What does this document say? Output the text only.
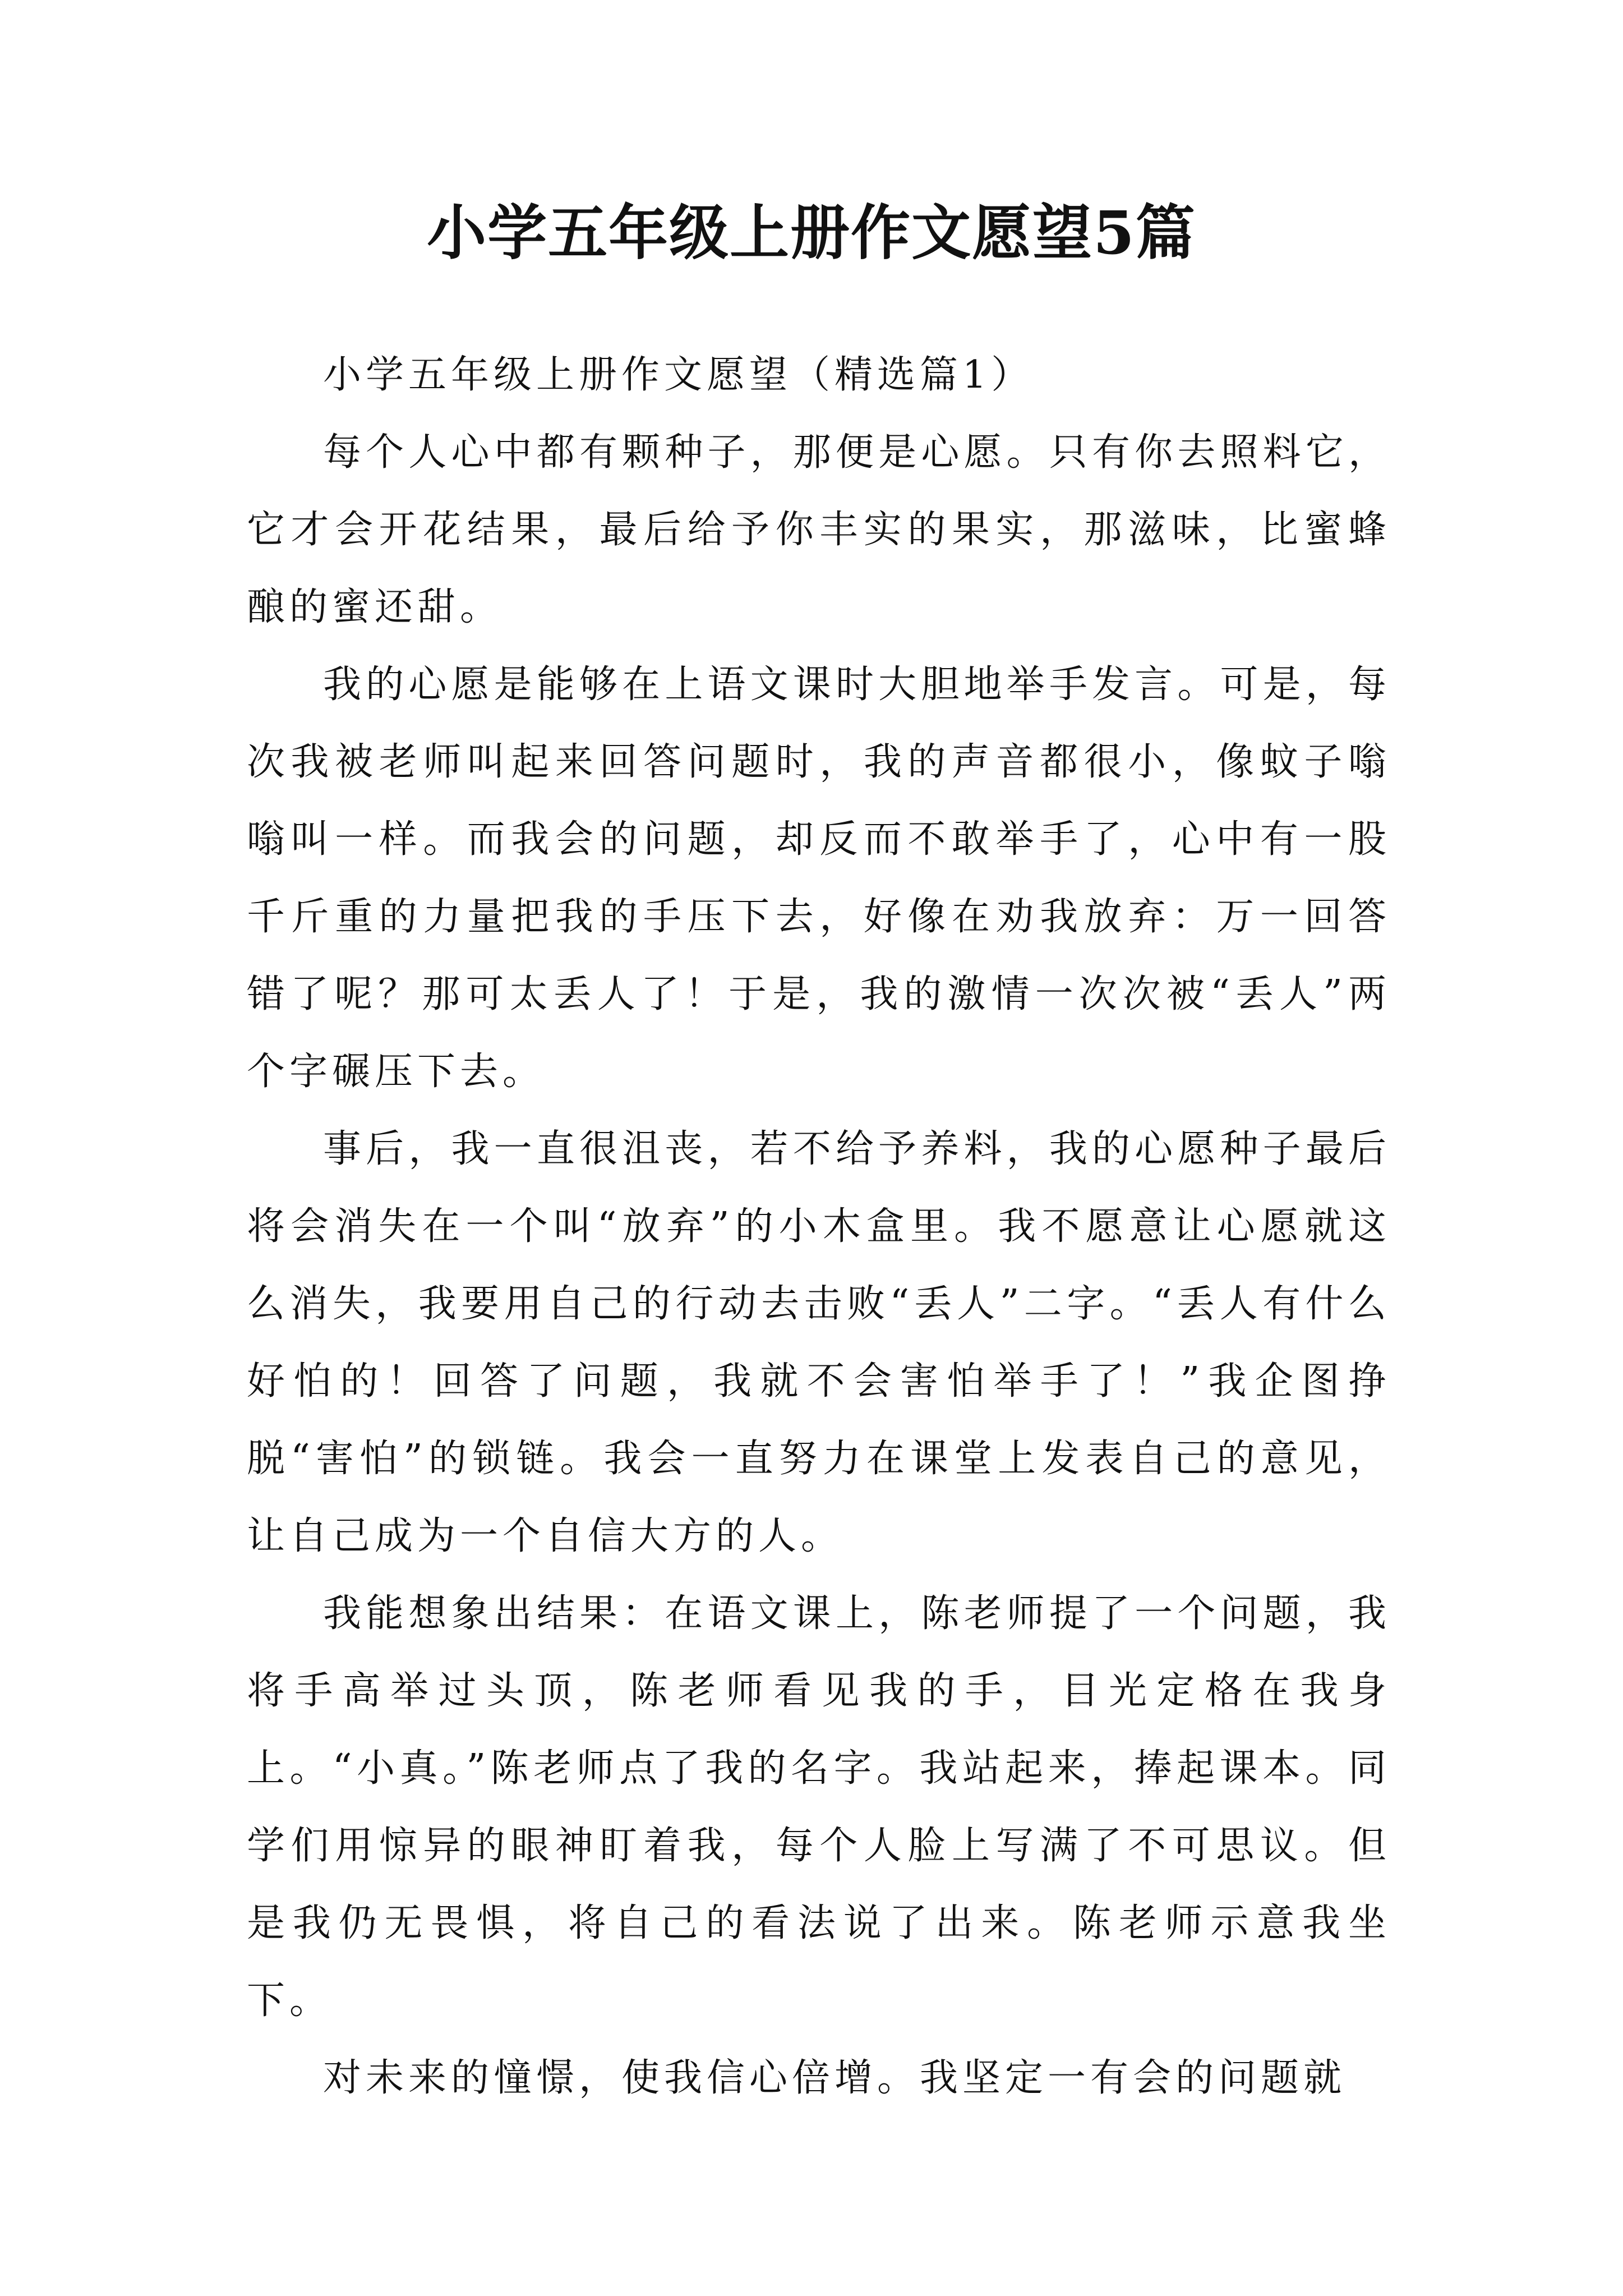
小学五年级上册作文愿望5篇

小学五年级上册作文愿望（精选篇1）

每个人心中都有颗种子，那便是心愿。只有你去照料它，它才会开花结果，最后给予你丰实的果实，那滋味，比蜜蜂酿的蜜还甜。

我的心愿是能够在上语文课时大胆地举手发言。可是，每次我被老师叫起来回答问题时，我的声音都很小，像蚊子嗡嗡叫一样。而我会的问题，却反而不敢举手了，心中有一股千斤重的力量把我的手压下去，好像在劝我放弃：万一回答错了呢？那可太丢人了！于是，我的激情一次次被“丢人”两个字碾压下去。

事后，我一直很沮丧，若不给予养料，我的心愿种子最后将会消失在一个叫“放弃”的小木盒里。我不愿意让心愿就这么消失，我要用自己的行动去击败“丢人”二字。“丢人有什么好怕的！回答了问题，我就不会害怕举手了！”我企图挣脱“害怕”的锁链。我会一直努力在课堂上发表自己的意见，让自己成为一个自信大方的人。

我能想象出结果：在语文课上，陈老师提了一个问题，我将手高举过头顶，陈老师看见我的手，目光定格在我身上。“小真。”陈老师点了我的名字。我站起来，捧起课本。同学们用惊异的眼神盯着我，每个人脸上写满了不可思议。但是我仍无畏惧，将自己的看法说了出来。陈老师示意我坐下。

对未来的憧憬，使我信心倍增。我坚定一有会的问题就
